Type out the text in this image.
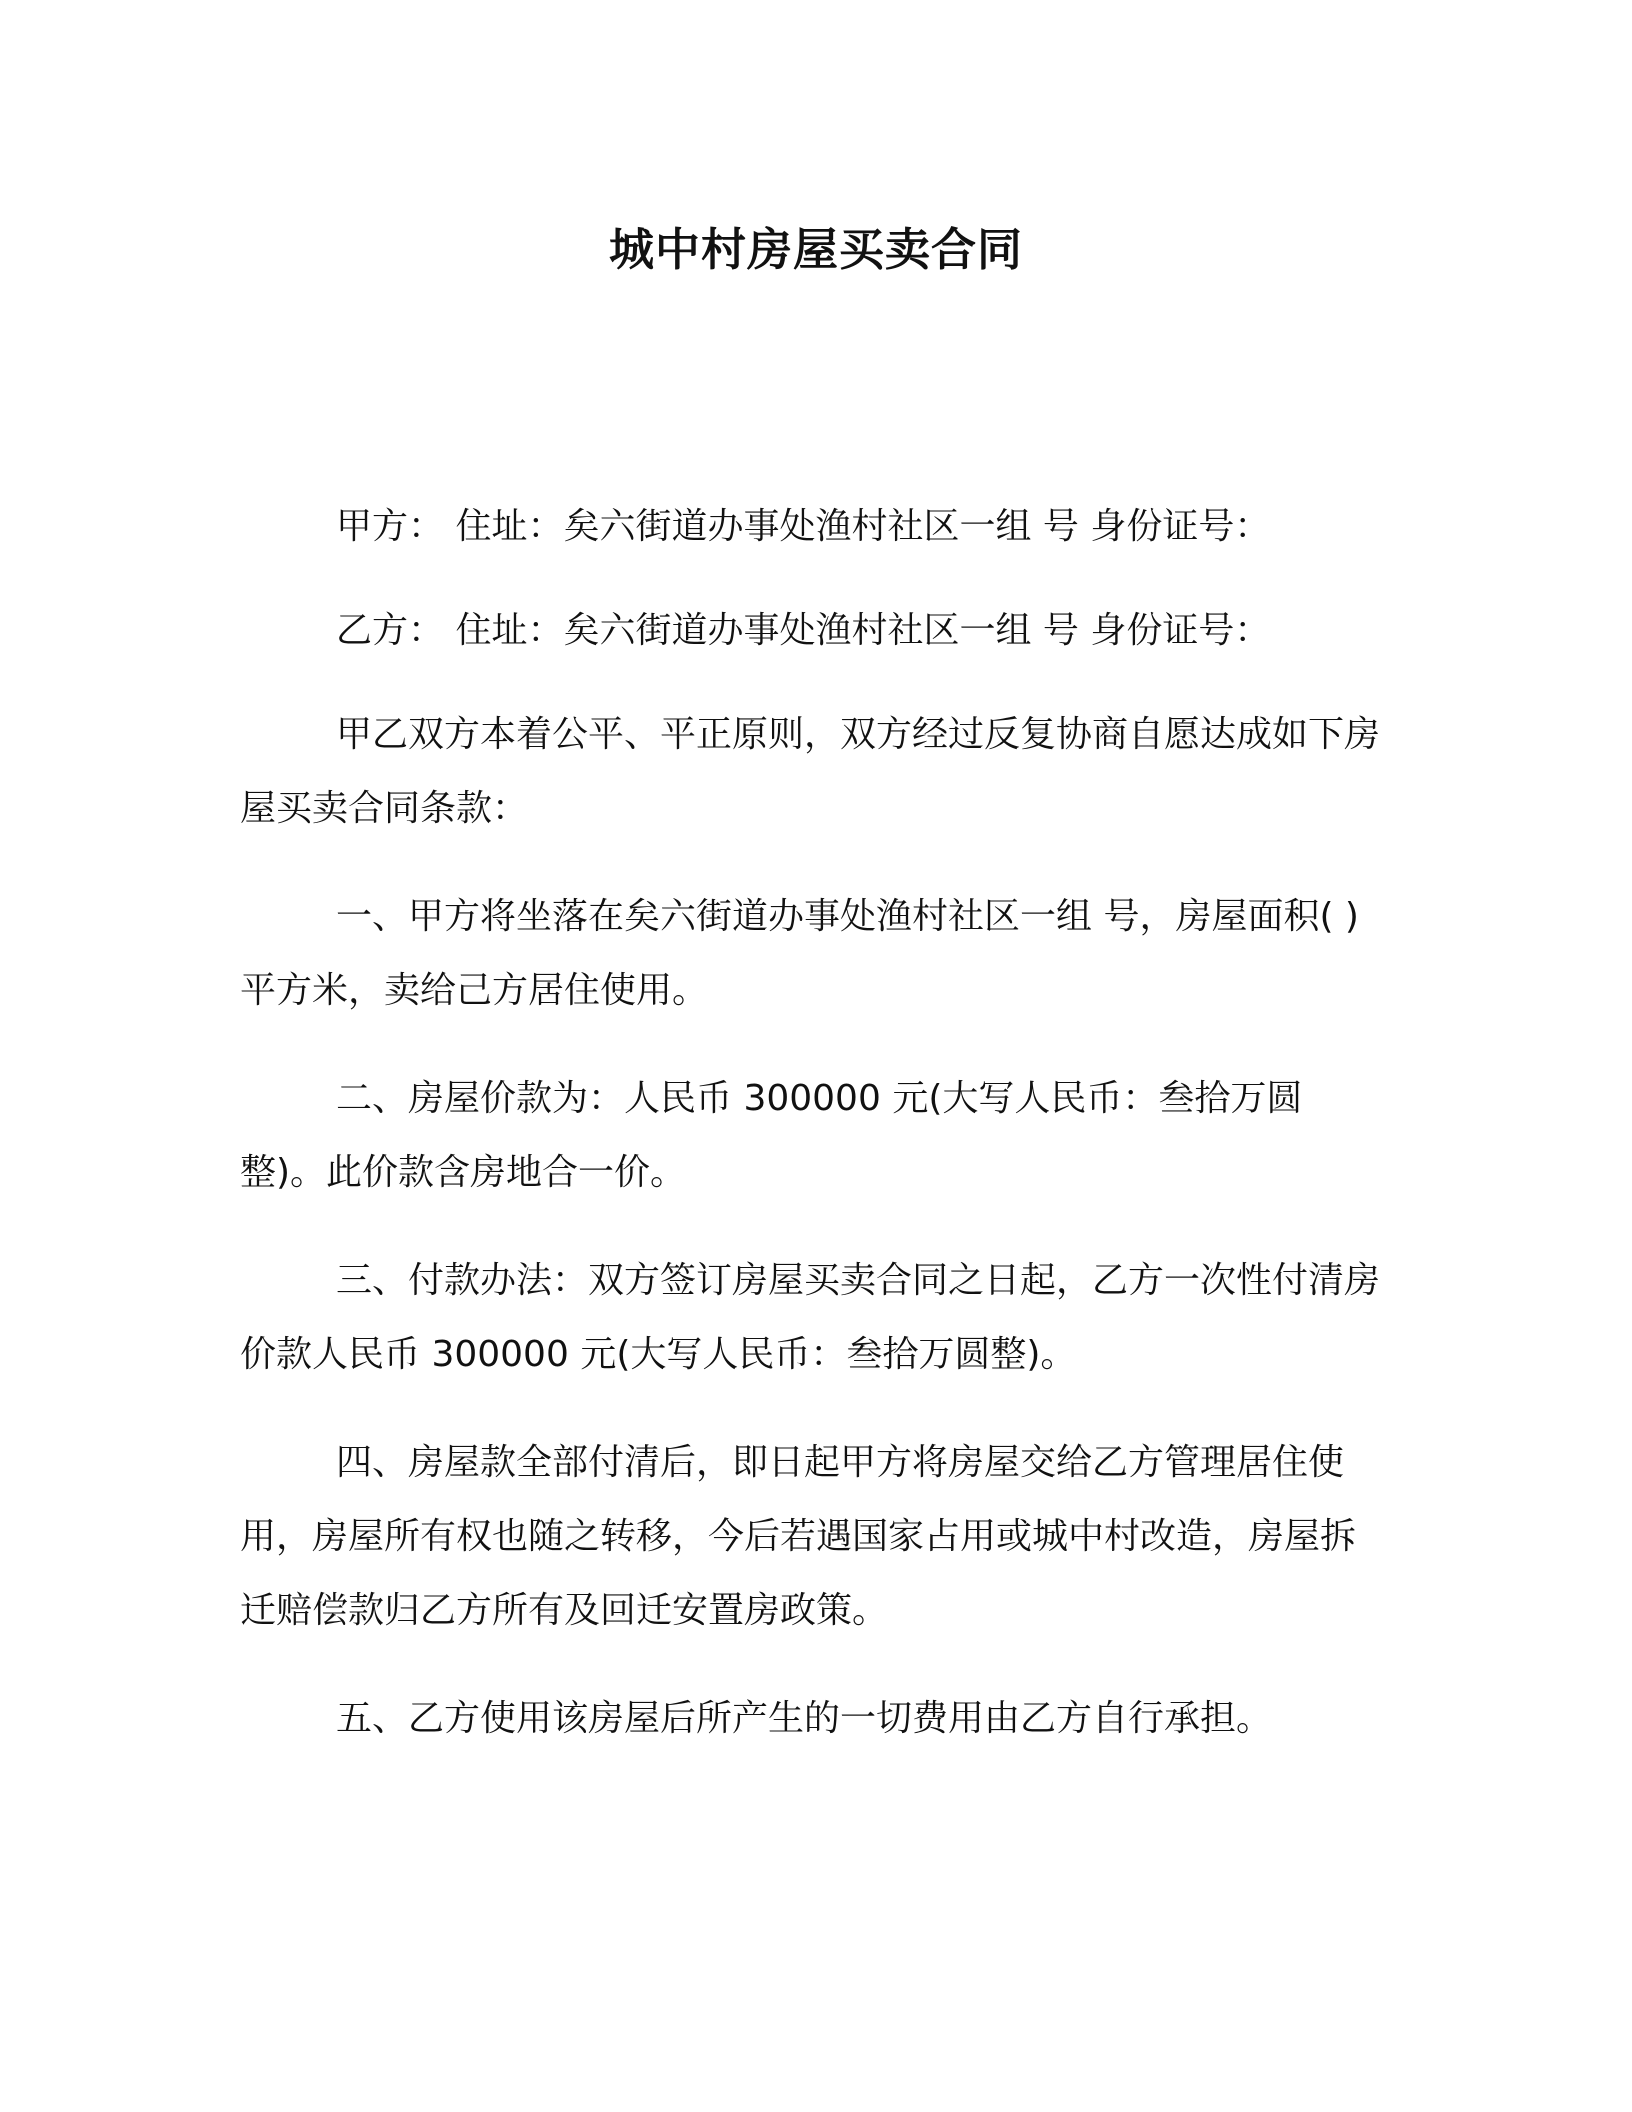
城中村房屋买卖合同

甲方： 住址：矣六街道办事处渔村社区一组 号 身份证号：

乙方： 住址：矣六街道办事处渔村社区一组 号 身份证号：

甲乙双方本着公平、平正原则，双方经过反复协商自愿达成如下房屋买卖合同条款：

一、甲方将坐落在矣六街道办事处渔村社区一组 号，房屋面积( )平方米，卖给己方居住使用。

二、房屋价款为：人民币 300000 元(大写人民币：叁拾万圆整)。此价款含房地合一价。

三、付款办法：双方签订房屋买卖合同之日起，乙方一次性付清房价款人民币 300000 元(大写人民币：叁拾万圆整)。

四、房屋款全部付清后，即日起甲方将房屋交给乙方管理居住使用，房屋所有权也随之转移，今后若遇国家占用或城中村改造，房屋拆迁赔偿款归乙方所有及回迁安置房政策。

五、乙方使用该房屋后所产生的一切费用由乙方自行承担。
